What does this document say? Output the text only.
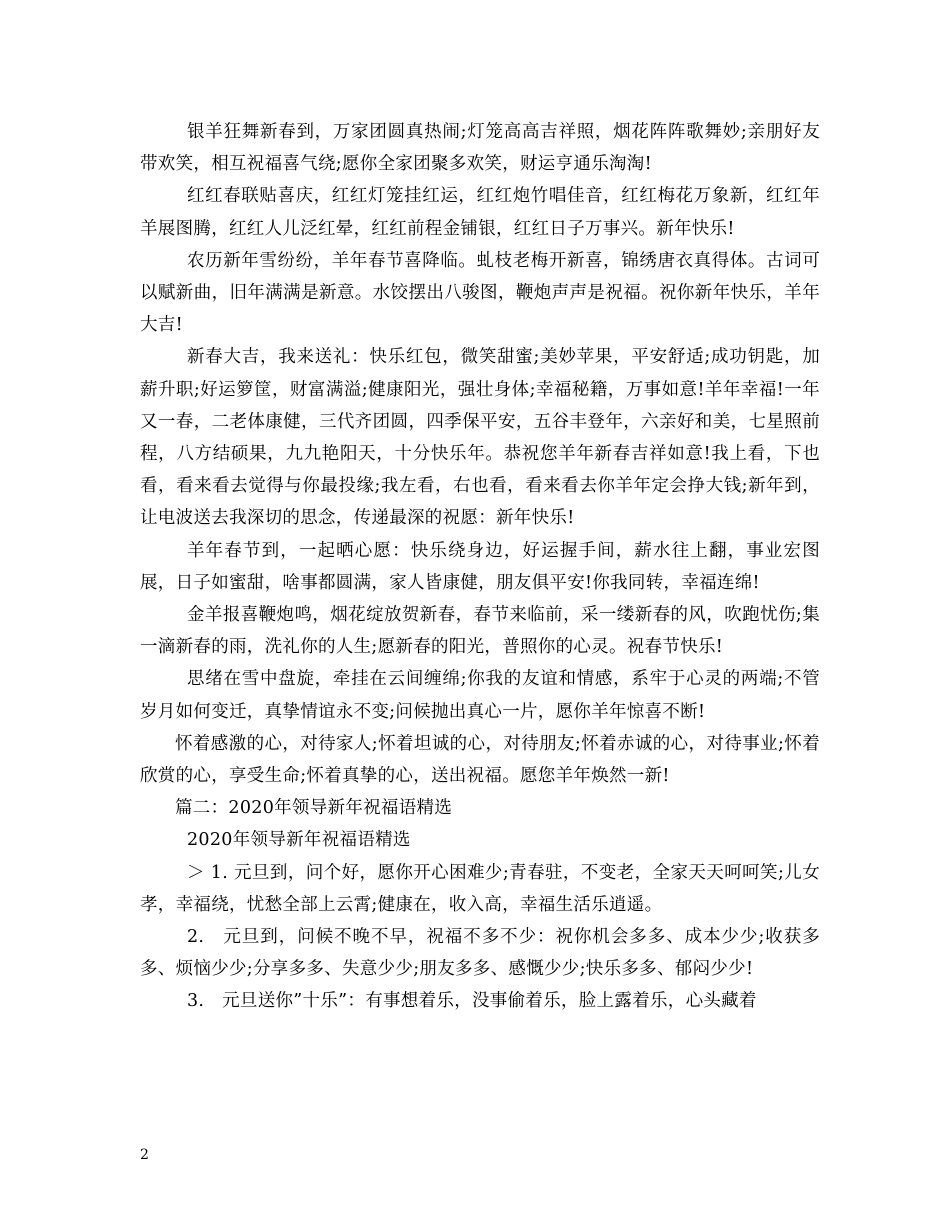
银羊狂舞新春到，万家团圆真热闹;灯笼高高吉祥照，烟花阵阵歌舞妙;亲朋好友带欢笑，相互祝福喜气绕;愿你全家团聚多欢笑，财运亨通乐淘淘!

红红春联贴喜庆，红红灯笼挂红运，红红炮竹唱佳音，红红梅花万象新，红红年羊展图腾，红红人儿泛红晕，红红前程金铺银，红红日子万事兴。新年快乐!

农历新年雪纷纷，羊年春节喜降临。虬枝老梅开新喜，锦绣唐衣真得体。古词可以赋新曲，旧年满满是新意。水饺摆出八骏图，鞭炮声声是祝福。祝你新年快乐，羊年大吉!

新春大吉，我来送礼：快乐红包，微笑甜蜜;美妙苹果，平安舒适;成功钥匙，加薪升职;好运箩筐，财富满溢;健康阳光，强壮身体;幸福秘籍，万事如意!羊年幸福!一年又一春，二老体康健，三代齐团圆，四季保平安，五谷丰登年，六亲好和美，七星照前程，八方结硕果，九九艳阳天，十分快乐年。恭祝您羊年新春吉祥如意!我上看，下也看，看来看去觉得与你最投缘;我左看，右也看，看来看去你羊年定会挣大钱;新年到，让电波送去我深切的思念，传递最深的祝愿：新年快乐!

羊年春节到，一起晒心愿：快乐绕身边，好运握手间，薪水往上翻，事业宏图展，日子如蜜甜，啥事都圆满，家人皆康健，朋友俱平安!你我同转，幸福连绵!

金羊报喜鞭炮鸣，烟花绽放贺新春，春节来临前，采一缕新春的风，吹跑忧伤;集一滴新春的雨，洗礼你的人生;愿新春的阳光，普照你的心灵。祝春节快乐!

思绪在雪中盘旋，牵挂在云间缠绵;你我的友谊和情感，系牢于心灵的两端;不管岁月如何变迁，真挚情谊永不变;问候抛出真心一片，愿你羊年惊喜不断!

怀着感激的心，对待家人;怀着坦诚的心，对待朋友;怀着赤诚的心，对待事业;怀着欣赏的心，享受生命;怀着真挚的心，送出祝福。愿您羊年焕然一新!

篇二：2020年领导新年祝福语精选

2020年领导新年祝福语精选

＞ 1. 元旦到，问个好，愿你开心困难少;青春驻，不变老，全家天天呵呵笑;儿女孝，幸福绕，忧愁全部上云霄;健康在，收入高，幸福生活乐逍遥。

2.　元旦到，问候不晚不早，祝福不多不少：祝你机会多多、成本少少;收获多多、烦恼少少;分享多多、失意少少;朋友多多、感慨少少;快乐多多、郁闷少少!

3.　元旦送你”十乐”：有事想着乐，没事偷着乐，脸上露着乐，心头藏着

2
